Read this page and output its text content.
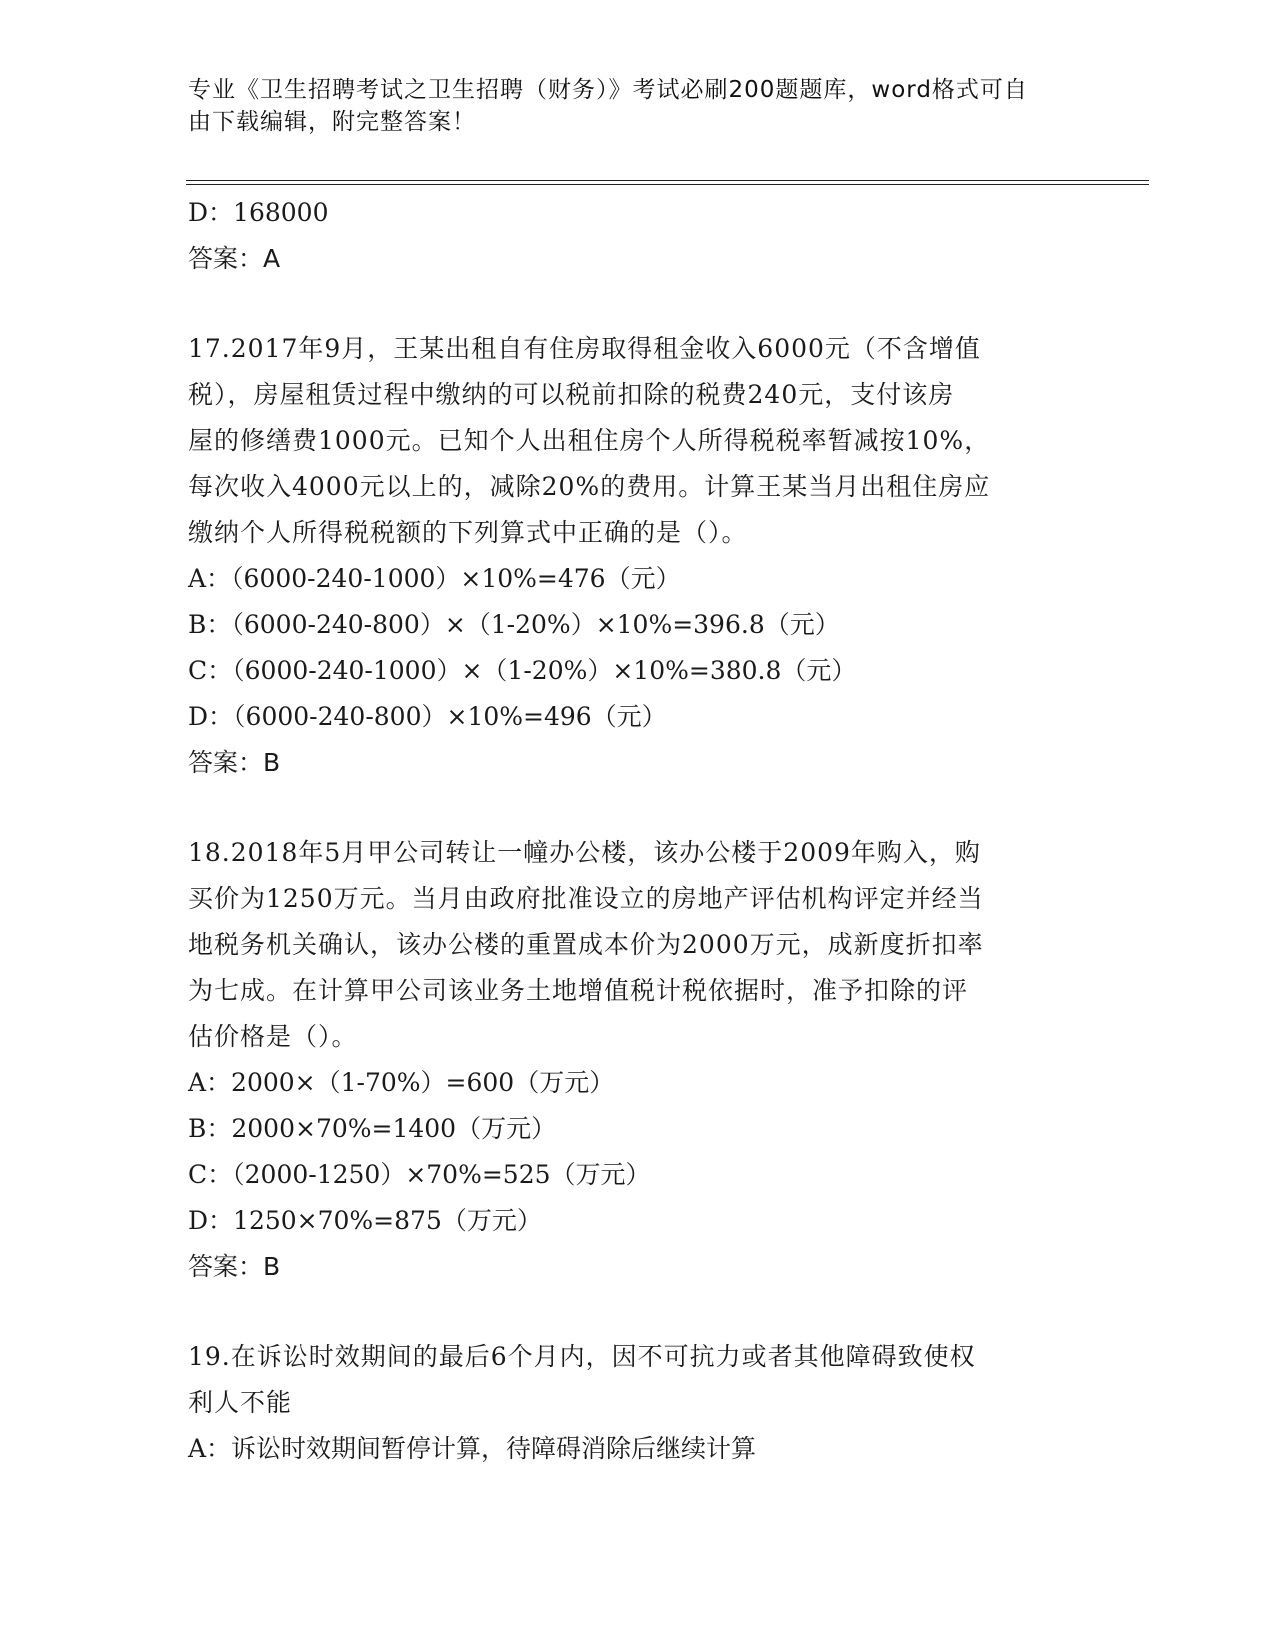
专业《卫生招聘考试之卫生招聘（财务）》考试必刷200题题库，word格式可自
由下载编辑，附完整答案！
D：168000
答案：A
17.2017年9月，王某出租自有住房取得租金收入6000元（不含增值
税），房屋租赁过程中缴纳的可以税前扣除的税费240元，支付该房
屋的修缮费1000元。已知个人出租住房个人所得税税率暂减按10%，
每次收入4000元以上的，减除20%的费用。计算王某当月出租住房应
缴纳个人所得税税额的下列算式中正确的是（）。
A：（6000-240-1000）×10%=476（元）
B：（6000-240-800）×（1-20%）×10%=396.8（元）
C：（6000-240-1000）×（1-20%）×10%=380.8（元）
D：（6000-240-800）×10%=496（元）
答案：B
18.2018年5月甲公司转让一幢办公楼，该办公楼于2009年购入，购
买价为1250万元。当月由政府批准设立的房地产评估机构评定并经当
地税务机关确认，该办公楼的重置成本价为2000万元，成新度折扣率
为七成。在计算甲公司该业务土地增值税计税依据时，准予扣除的评
估价格是（）。
A：2000×（1-70%）=600（万元）
B：2000×70%=1400（万元）
C：（2000-1250）×70%=525（万元）
D：1250×70%=875（万元）
答案：B
19.在诉讼时效期间的最后6个月内，因不可抗力或者其他障碍致使权
利人不能
A：诉讼时效期间暂停计算，待障碍消除后继续计算
